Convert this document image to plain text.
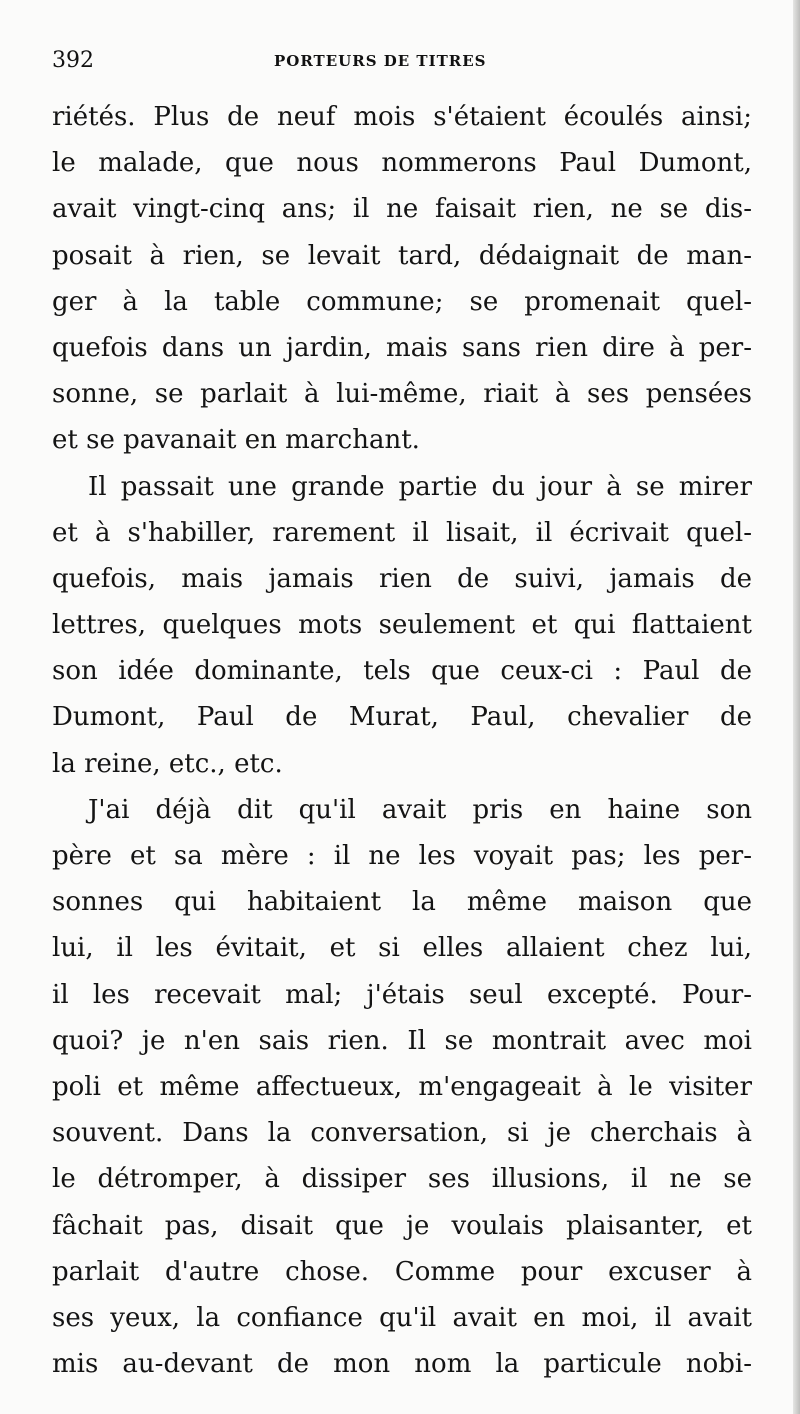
392	PORTEURS DE TITRES
riétés. Plus de neuf mois s'étaient écoulés ainsi;
le malade, que nous nommerons Paul Dumont,
avait vingt-cinq ans; il ne faisait rien, ne se dis-
posait à rien, se levait tard, dédaignait de man-
ger à la table commune; se promenait quel-
quefois dans un jardin, mais sans rien dire à per-
sonne, se parlait à lui-même, riait à ses pensées
et se pavanait en marchant.
Il passait une grande partie du jour à se mirer
et à s'habiller, rarement il lisait, il écrivait quel-
quefois, mais jamais rien de suivi, jamais de
lettres, quelques mots seulement et qui flattaient
son idée dominante, tels que ceux-ci : Paul de
Dumont, Paul de Murat, Paul, chevalier de
la reine, etc., etc.
J'ai déjà dit qu'il avait pris en haine son
père et sa mère : il ne les voyait pas; les per-
sonnes qui habitaient la même maison que
lui, il les évitait, et si elles allaient chez lui,
il les recevait mal; j'étais seul excepté. Pour-
quoi? je n'en sais rien. Il se montrait avec moi
poli et même affectueux, m'engageait à le visiter
souvent. Dans la conversation, si je cherchais à
le détromper, à dissiper ses illusions, il ne se
fâchait pas, disait que je voulais plaisanter, et
parlait d'autre chose. Comme pour excuser à
ses yeux, la confiance qu'il avait en moi, il avait
mis au-devant de mon nom la particule nobi-
